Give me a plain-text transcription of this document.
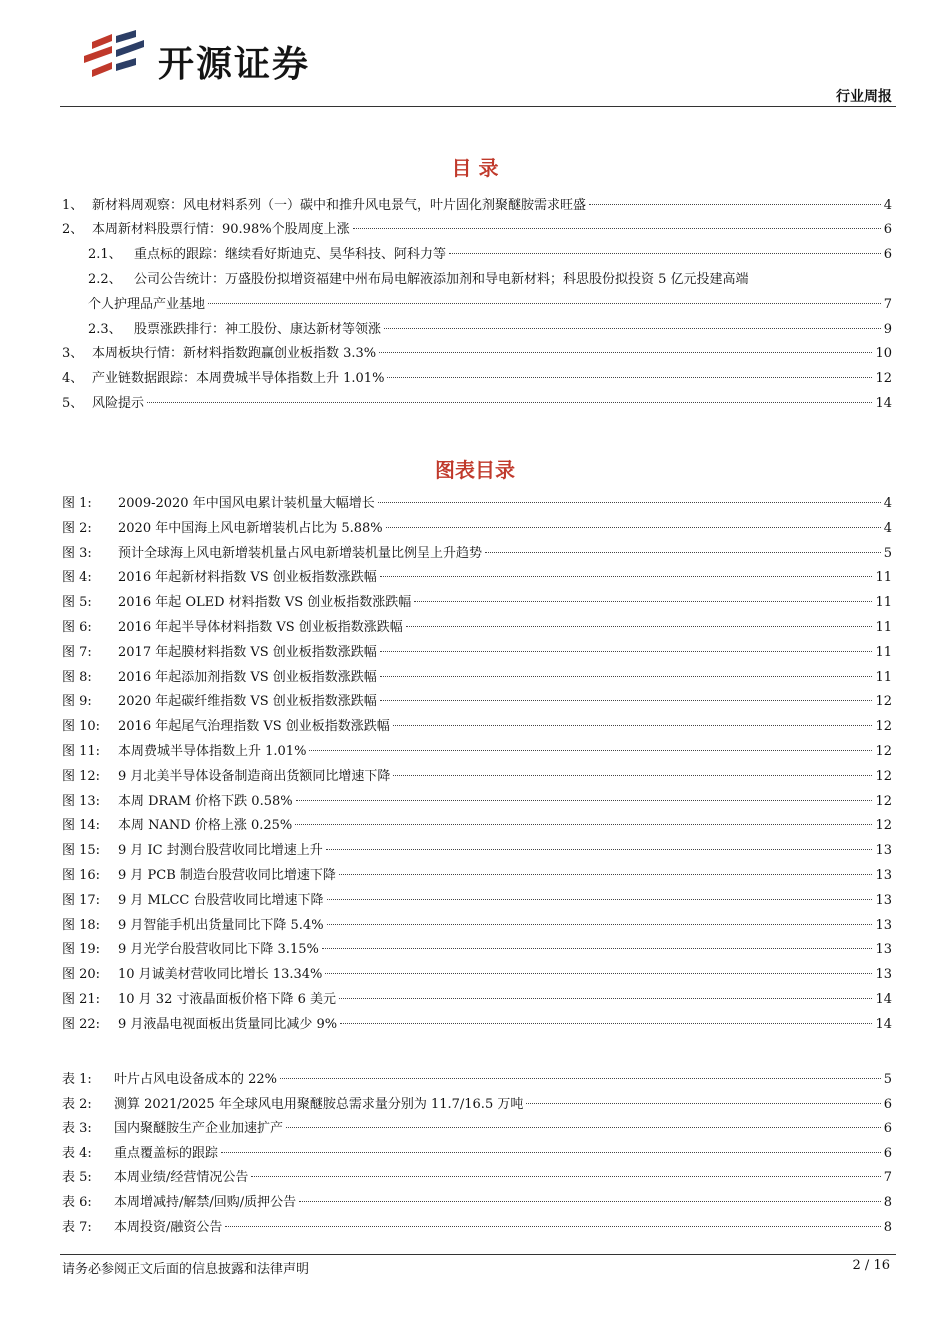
开源证券
行业周报
目 录
1、 新材料周观察：风电材料系列（一）碳中和推升风电景气，叶片固化剂聚醚胺需求旺盛	4
2、 本周新材料股票行情：90.98%个股周度上涨	6
2.1、 重点标的跟踪：继续看好斯迪克、昊华科技、阿科力等	6
2.2、 公司公告统计：万盛股份拟增资福建中州布局电解液添加剂和导电新材料；科思股份拟投资 5 亿元投建高端
个人护理品产业基地	7
2.3、 股票涨跌排行：神工股份、康达新材等领涨	9
3、 本周板块行情：新材料指数跑赢创业板指数 3.3%	10
4、 产业链数据跟踪：本周费城半导体指数上升 1.01%	12
5、 风险提示	14
图表目录
图 1:	2009-2020 年中国风电累计装机量大幅增长	4
图 2:	2020 年中国海上风电新增装机占比为 5.88%	4
图 3:	预计全球海上风电新增装机量占风电新增装机量比例呈上升趋势	5
图 4:	2016 年起新材料指数 VS 创业板指数涨跌幅	11
图 5:	2016 年起 OLED 材料指数 VS 创业板指数涨跌幅	11
图 6:	2016 年起半导体材料指数 VS 创业板指数涨跌幅	11
图 7:	2017 年起膜材料指数 VS 创业板指数涨跌幅	11
图 8:	2016 年起添加剂指数 VS 创业板指数涨跌幅	11
图 9:	2020 年起碳纤维指数 VS 创业板指数涨跌幅	12
图 10:	2016 年起尾气治理指数 VS 创业板指数涨跌幅	12
图 11:	本周费城半导体指数上升 1.01%	12
图 12:	9 月北美半导体设备制造商出货额同比增速下降	12
图 13:	本周 DRAM 价格下跌 0.58%	12
图 14:	本周 NAND 价格上涨 0.25%	12
图 15:	9 月 IC 封测台股营收同比增速上升	13
图 16:	9 月 PCB 制造台股营收同比增速下降	13
图 17:	9 月 MLCC 台股营收同比增速下降	13
图 18:	9 月智能手机出货量同比下降 5.4%	13
图 19:	9 月光学台股营收同比下降 3.15%	13
图 20:	10 月诚美材营收同比增长 13.34%	13
图 21:	10 月 32 寸液晶面板价格下降 6 美元	14
图 22:	9 月液晶电视面板出货量同比减少 9%	14
表 1:	叶片占风电设备成本的 22%	5
表 2:	测算 2021/2025 年全球风电用聚醚胺总需求量分别为 11.7/16.5 万吨	6
表 3:	国内聚醚胺生产企业加速扩产	6
表 4:	重点覆盖标的跟踪	6
表 5:	本周业绩/经营情况公告	7
表 6:	本周增减持/解禁/回购/质押公告	8
表 7:	本周投资/融资公告	8
请务必参阅正文后面的信息披露和法律声明	2 / 16
